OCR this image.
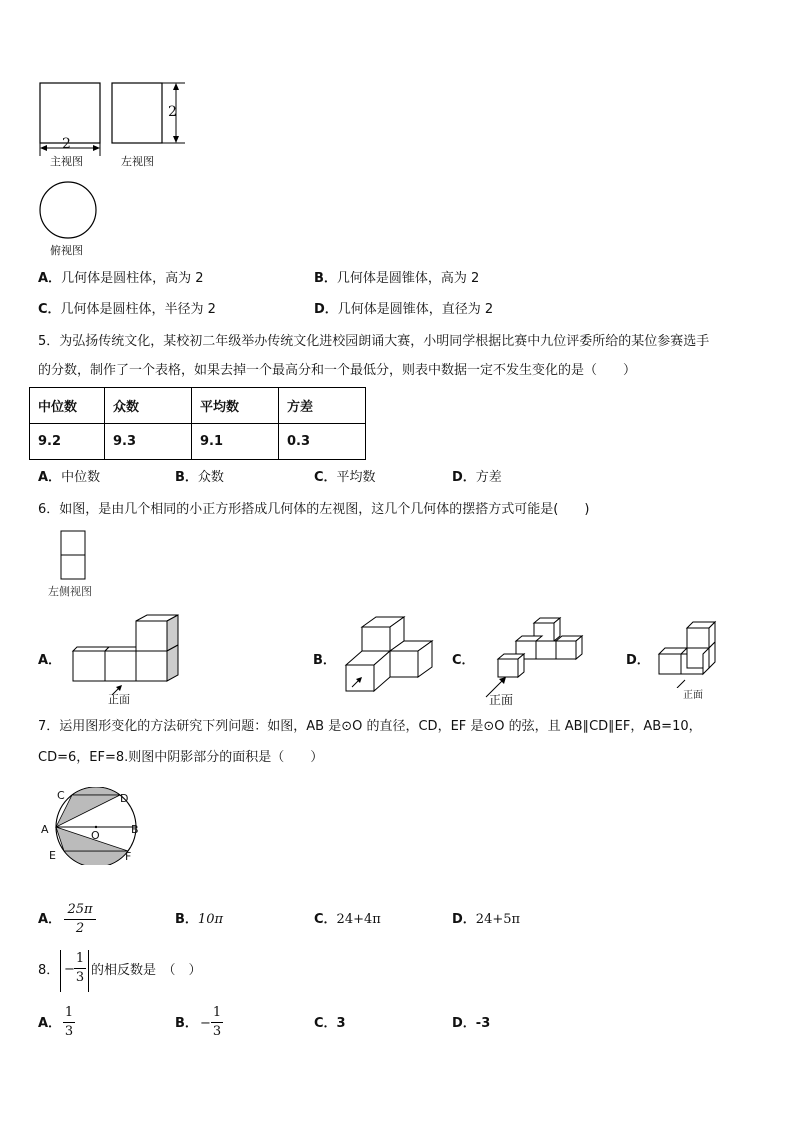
2
2
主视图	左视图
俯视图
A．几何体是圆柱体，高为 2	B．几何体是圆锥体，高为 2
C．几何体是圆柱体，半径为 2	D．几何体是圆锥体，直径为 2
5．为弘扬传统文化，某校初二年级举办传统文化进校园朗诵大赛，小明同学根据比赛中九位评委所给的某位参赛选手
的分数，制作了一个表格，如果去掉一个最高分和一个最低分，则表中数据一定不发生变化的是（　　）
中位数	众数	平均数	方差
9.2	9.3	9.1	0.3
A．中位数	B．众数	C．平均数	D．方差
6．如图，是由几个相同的小正方形搭成几何体的左视图，这几个几何体的摆搭方式可能是(　　)
左侧视图
A．
正面
B．	C．
正面
D．
正面
7．运用图形变化的方法研究下列问题：如图，AB 是⊙O 的直径，CD，EF 是⊙O 的弦，且 AB∥CD∥EF，AB=10，
CD=6，EF=8.则图中阴影部分的面积是（　　）
C	D
A	O	B
E	F
A．
25π
2
B．10π	C．24+4π	D．24+5π
8． −
1
3 的相反数是　（　）
A．
1
3
B． −
1
3
C．3	D．-3
